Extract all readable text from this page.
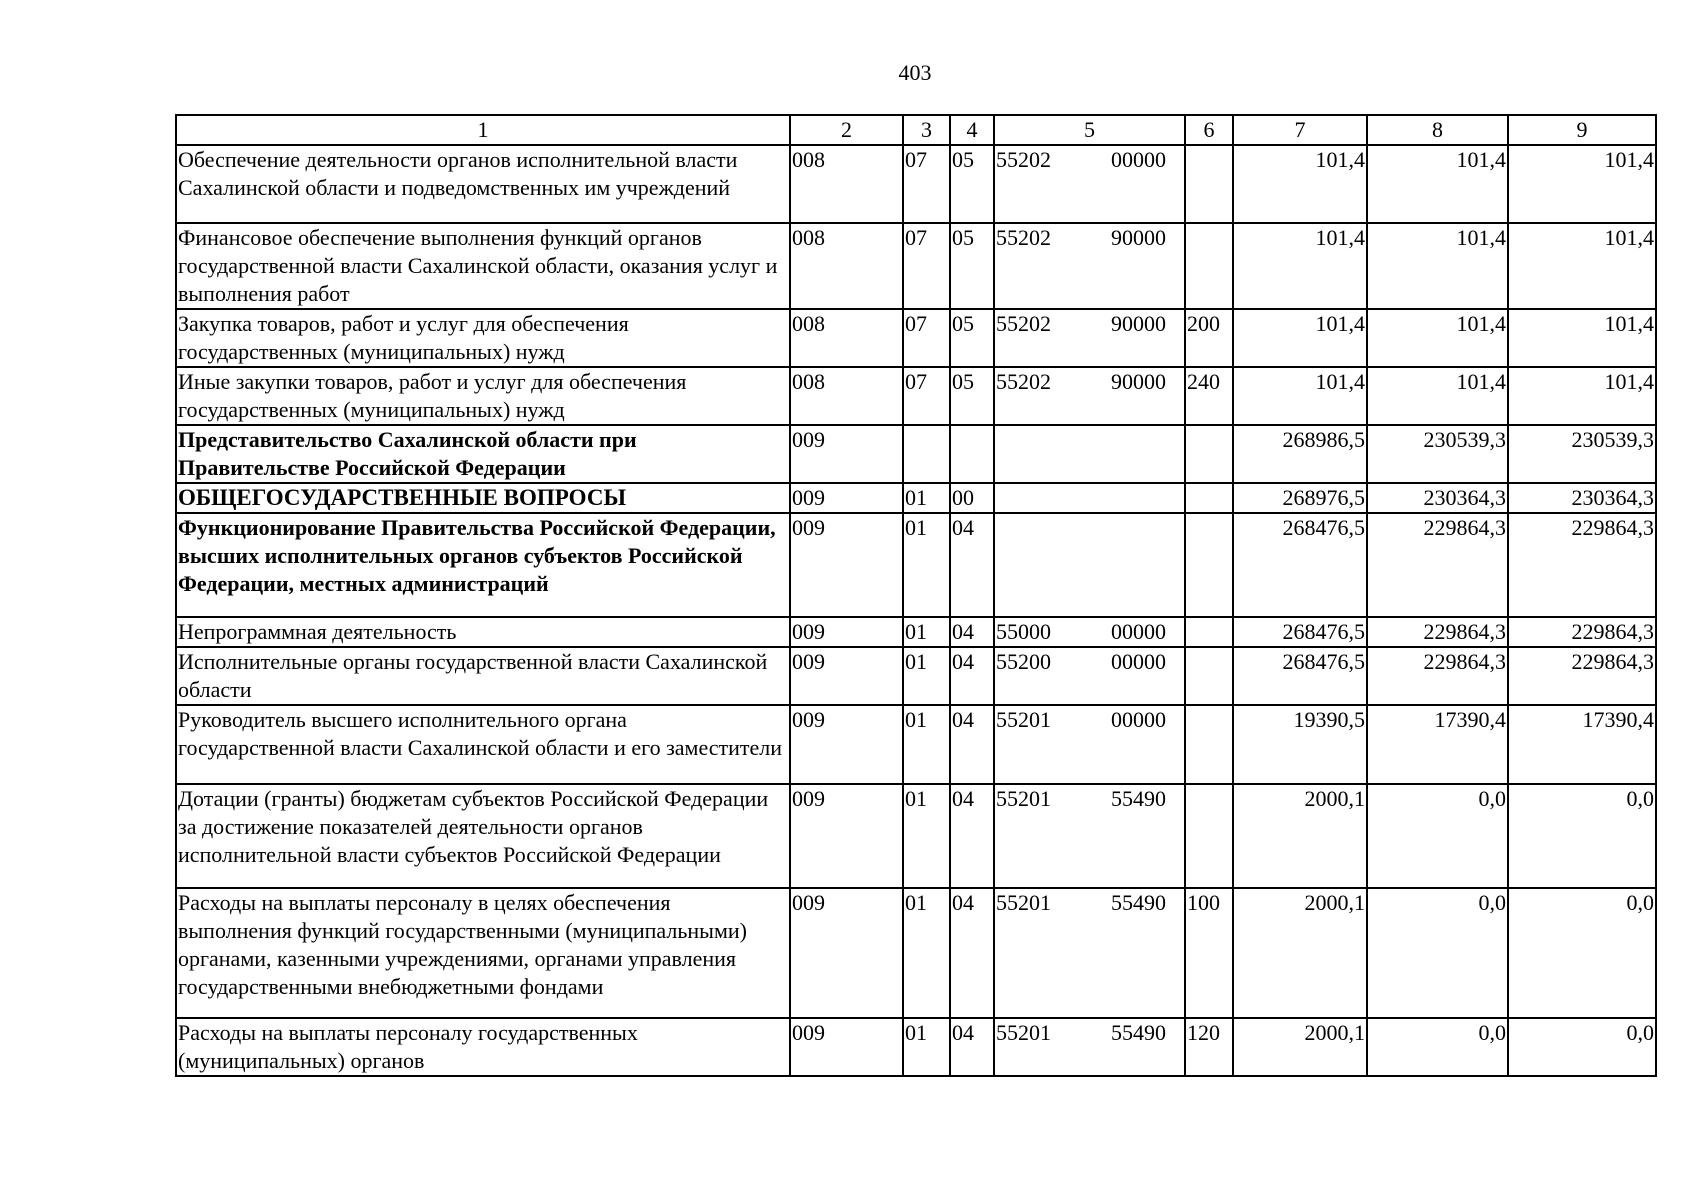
403
1	2	3	4	5	6	7	8	9
Обеспечение деятельности органов исполнительной власти Сахалинской области и подведомственных им учреждений	008	07	05	55202 00000		101,4	101,4	101,4
Финансовое обеспечение выполнения функций органов государственной власти Сахалинской области, оказания услуг и выполнения работ	008	07	05	55202 90000		101,4	101,4	101,4
Закупка товаров, работ и услуг для обеспечения государственных (муниципальных) нужд	008	07	05	55202 90000	200	101,4	101,4	101,4
Иные закупки товаров, работ и услуг для обеспечения государственных (муниципальных) нужд	008	07	05	55202 90000	240	101,4	101,4	101,4
Представительство Сахалинской области при Правительстве Российской Федерации	009					268986,5	230539,3	230539,3
ОБЩЕГОСУДАРСТВЕННЫЕ ВОПРОСЫ	009	01	00			268976,5	230364,3	230364,3
Функционирование Правительства Российской Федерации, высших исполнительных органов субъектов Российской Федерации, местных администраций	009	01	04			268476,5	229864,3	229864,3
Непрограммная деятельность	009	01	04	55000 00000		268476,5	229864,3	229864,3
Исполнительные органы государственной власти Сахалинской области	009	01	04	55200 00000		268476,5	229864,3	229864,3
Руководитель высшего исполнительного органа государственной власти Сахалинской области и его заместители	009	01	04	55201 00000		19390,5	17390,4	17390,4
Дотации (гранты) бюджетам субъектов Российской Федерации за достижение показателей деятельности органов исполнительной власти субъектов Российской Федерации	009	01	04	55201 55490		2000,1	0,0	0,0
Расходы на выплаты персоналу в целях обеспечения выполнения функций государственными (муниципальными) органами, казенными учреждениями, органами управления государственными внебюджетными фондами	009	01	04	55201 55490	100	2000,1	0,0	0,0
Расходы на выплаты персоналу государственных (муниципальных) органов	009	01	04	55201 55490	120	2000,1	0,0	0,0
